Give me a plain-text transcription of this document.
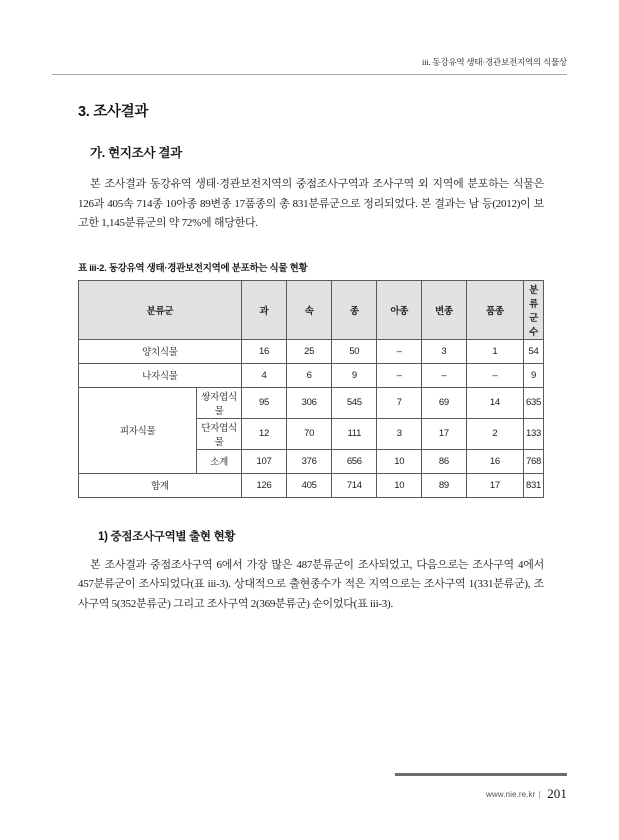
iii. 동강유역 생태·경관보전지역의 식물상
3. 조사결과
가. 현지조사 결과

본 조사결과 동강유역 생태·경관보전지역의 중점조사구역과 조사구역 외 지역에 분포하는 식물은 126과 405속 714종 10아종 89변종 17품종의 총 831분류군으로 정리되었다. 본 결과는 남 등(2012)이 보고한 1,145분류군의 약 72%에 해당한다.

표 iii-2. 동강유역 생태·경관보전지역에 분포하는 식물 현황
분류군		과	속	종	아종	변종	품종	분류군수
양치식물		16	25	50	–	3	1	54
나자식물		4	6	9	–	–	–	9
피자식물	쌍자엽식물	95	306	545	7	69	14	635
	단자엽식물	12	70	111	3	17	2	133
	소계	107	376	656	10	86	16	768
합계		126	405	714	10	89	17	831
1) 중점조사구역별 출현 현황

본 조사결과 중점조사구역 6에서 가장 많은 487분류군이 조사되었고, 다음으로는 조사구역 4에서 457분류군이 조사되었다(표 iii-3). 상대적으로 출현종수가 적은 지역으로는 조사구역 1(331분류군), 조사구역 5(352분류군) 그리고 조사구역 2(369분류군) 순이었다(표 iii-3).

www.nie.re.kr | 201
